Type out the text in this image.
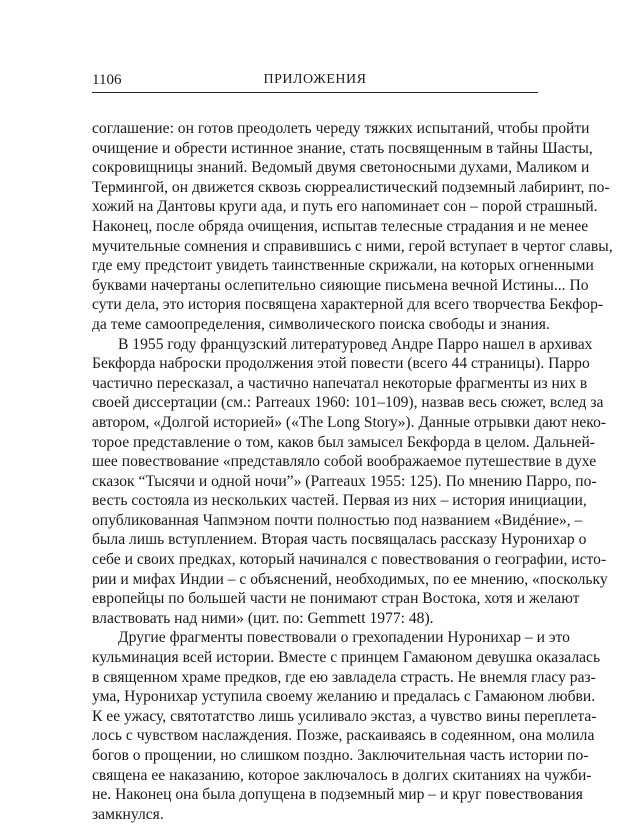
1106	ПРИЛОЖЕНИЯ
соглашение: он готов преодолеть череду тяжких испытаний, чтобы пройти
очищение и обрести истинное знание, стать посвященным в тайны Шасты,
сокровищницы знаний. Ведомый двумя светоносными духами, Маликом и
Термингой, он движется сквозь сюрреалистический подземный лабиринт, по-
хожий на Дантовы круги ада, и путь его напоминает сон – порой страшный.
Наконец, после обряда очищения, испытав телесные страдания и не менее
мучительные сомнения и справившись с ними, герой вступает в чертог славы,
где ему предстоит увидеть таинственные скрижали, на которых огненными
буквами начертаны ослепительно сияющие письмена вечной Истины... По
сути дела, это история посвящена характерной для всего творчества Бекфор-
да теме самоопределения, символического поиска свободы и знания.
В 1955 году французский литературовед Андре Парро нашел в архивах
Бекфорда наброски продолжения этой повести (всего 44 страницы). Парро
частично пересказал, а частично напечатал некоторые фрагменты из них в
своей диссертации (см.: Parreaux 1960: 101–109), назвав весь сюжет, вслед за
автором, «Долгой историей» («The Long Story»). Данные отрывки дают неко-
торое представление о том, каков был замысел Бекфорда в целом. Дальней-
шее повествование «представляло собой воображаемое путешествие в духе
сказок “Тысячи и одной ночи”» (Parreaux 1955: 125). По мнению Парро, по-
весть состояла из нескольких частей. Первая из них – история инициации,
опубликованная Чапмэном почти полностью под названием «Видéние», –
была лишь вступлением. Вторая часть посвящалась рассказу Нуронихар о
себе и своих предках, который начинался с повествования о географии, исто-
рии и мифах Индии – с объяснений, необходимых, по ее мнению, «поскольку
европейцы по большей части не понимают стран Востока, хотя и желают
властвовать над ними» (цит. по: Gemmett 1977: 48).
Другие фрагменты повествовали о грехопадении Нуронихар – и это
кульминация всей истории. Вместе с принцем Гамаюном девушка оказалась
в священном храме предков, где ею завладела страсть. Не внемля гласу раз-
ума, Нуронихар уступила своему желанию и предалась с Гамаюном любви.
К ее ужасу, святотатство лишь усиливало экстаз, а чувство вины переплета-
лось с чувством наслаждения. Позже, раскаиваясь в содеянном, она молила
богов о прощении, но слишком поздно. Заключительная часть истории по-
священа ее наказанию, которое заключалось в долгих скитаниях на чужби-
не. Наконец она была допущена в подземный мир – и круг повествования
замкнулся.
